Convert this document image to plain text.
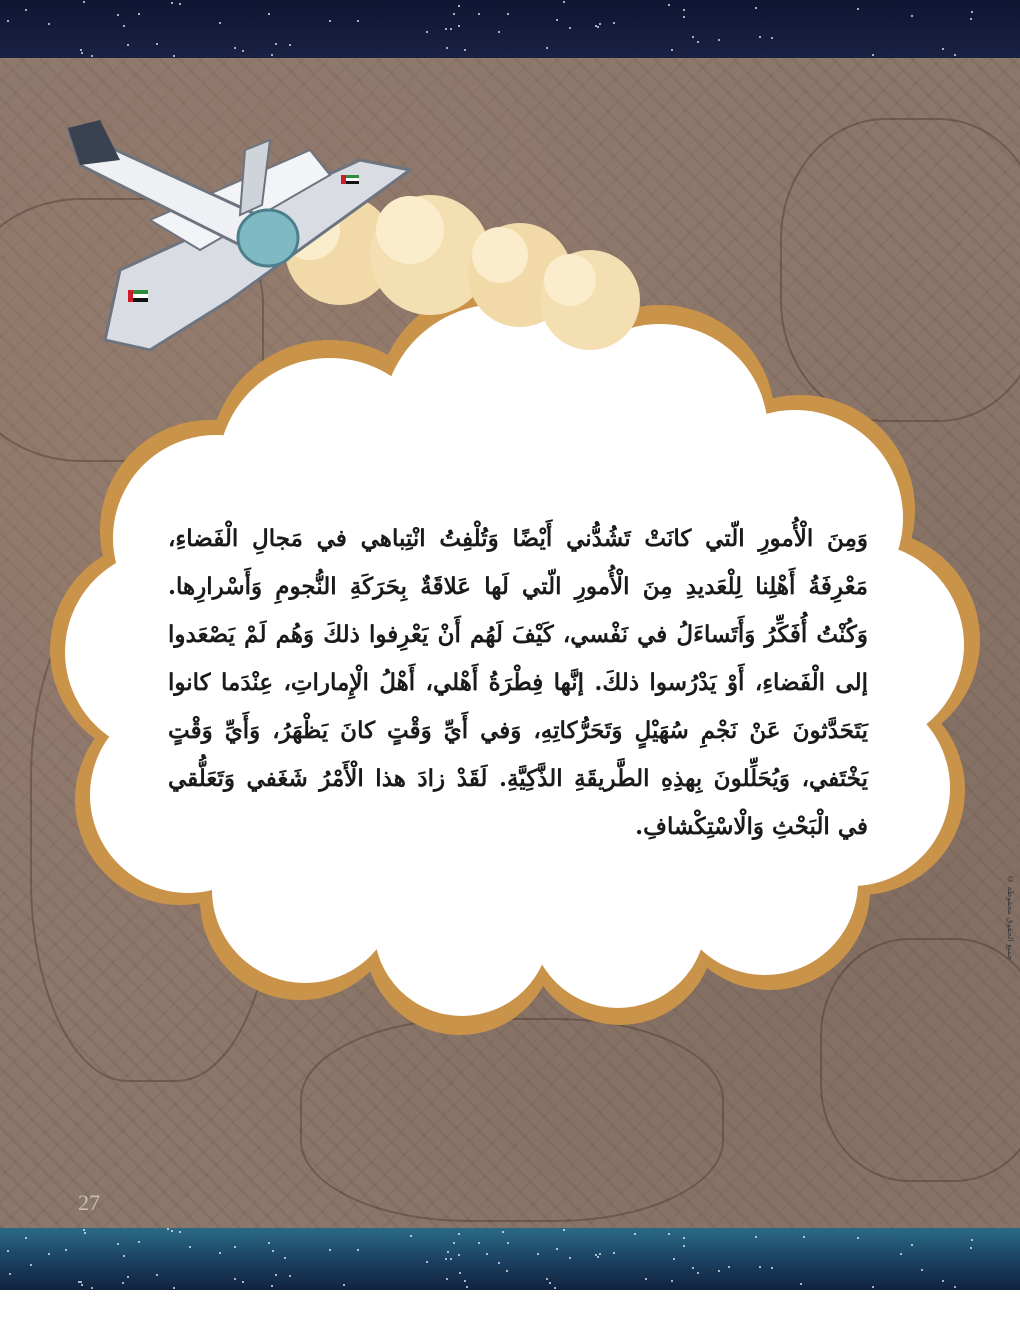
وَمِنَ الْأُمورِ الّتي كانَتْ تَشُدُّني أَيْضًا وَتُلْفِتُ انْتِباهي في مَجالِ الْفَضاءِ، مَعْرِفَةُ أَهْلِنا لِلْعَديدِ مِنَ الْأُمورِ الّتي لَها عَلاقَةٌ بِحَرَكَةِ النُّجومِ وَأَسْرارِها. وَكُنْتُ أُفَكِّرُ وَأَتَساءَلُ في نَفْسي، كَيْفَ لَهُم أَنْ يَعْرِفوا ذلكَ وَهُم لَمْ يَصْعَدوا إلى الْفَضاءِ، أَوْ يَدْرُسوا ذلكَ. إنَّها فِطْرَةُ أَهْلي، أَهْلُ الْإِماراتِ، عِنْدَما كانوا يَتَحَدَّثونَ عَنْ نَجْمِ سُهَيْلٍ وَتَحَرُّكاتِهِ، وَفي أَيِّ وَقْتٍ كانَ يَظْهَرُ، وَأَيِّ وَقْتٍ يَخْتَفي، وَيُحَلِّلونَ بِهذِهِ الطَّريقَةِ الذَّكِيَّةِ. لَقَدْ زادَ هذا الْأَمْرُ شَغَفي وَتَعَلُّقي في الْبَحْثِ وَالْاسْتِكْشافِ.

27
جميع الحقوق محفوظة ©
